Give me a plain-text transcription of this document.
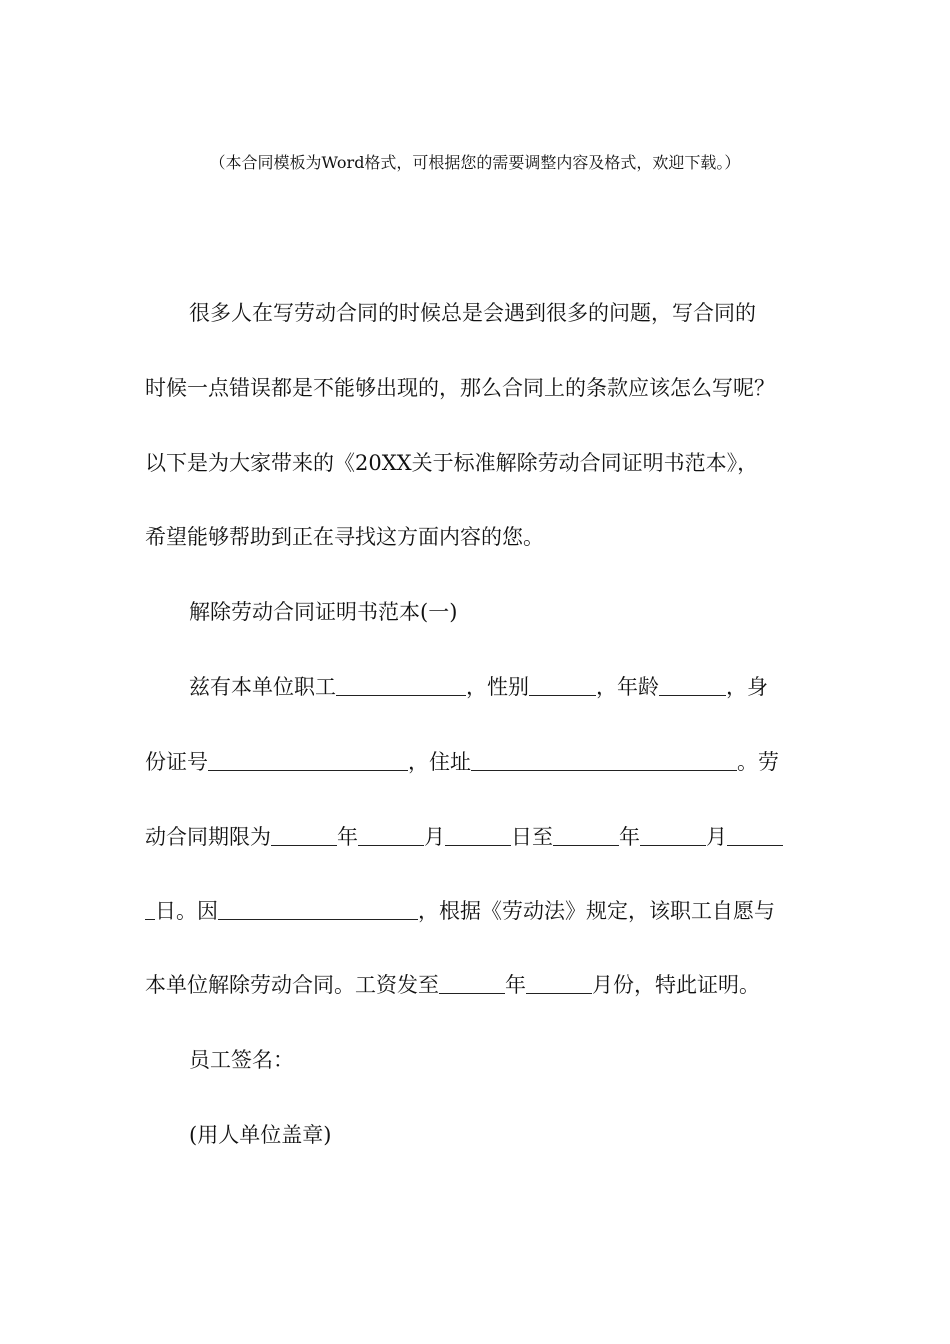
（本合同模板为Word格式，可根据您的需要调整内容及格式，欢迎下载。）
很多人在写劳动合同的时候总是会遇到很多的问题，写合同的
时候一点错误都是不能够出现的，那么合同上的条款应该怎么写呢？
以下是为大家带来的《20XX关于标准解除劳动合同证明书范本》，
希望能够帮助到正在寻找这方面内容的您。
解除劳动合同证明书范本(一)
兹有本单位职工	，性别	，年龄	，身
份证号	，住址	。劳
动合同期限为	年	月	日至	年	月
日。因	，根据《劳动法》规定，该职工自愿与
本单位解除劳动合同。工资发至	年	月份，特此证明。
员工签名：
(用人单位盖章)
